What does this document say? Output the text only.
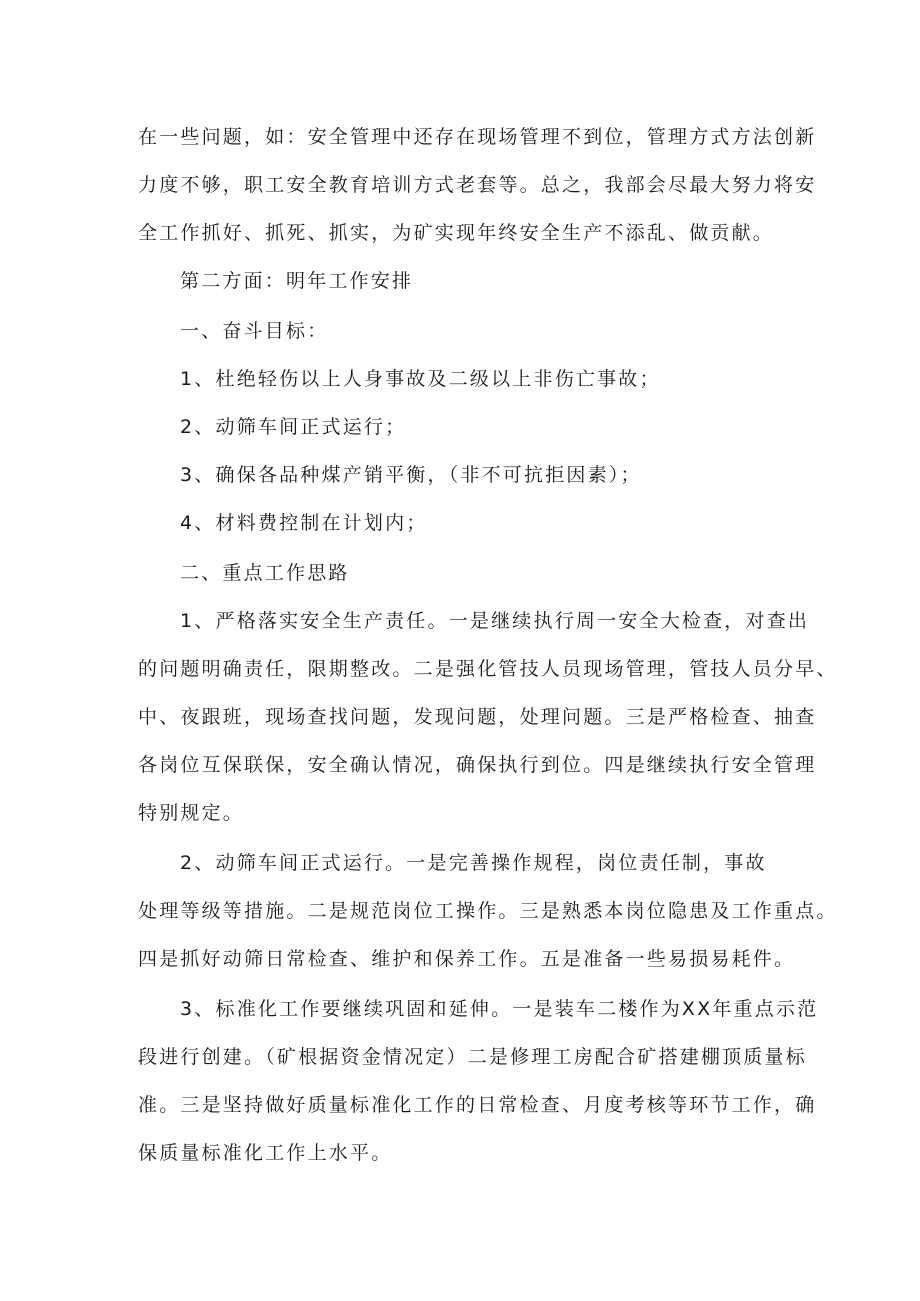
在一些问题，如：安全管理中还存在现场管理不到位，管理方式方法创新
力度不够，职工安全教育培训方式老套等。总之，我部会尽最大努力将安
全工作抓好、抓死、抓实，为矿实现年终安全生产不添乱、做贡献。
第二方面：明年工作安排
一、奋斗目标：
1、杜绝轻伤以上人身事故及二级以上非伤亡事故；
2、动筛车间正式运行；
3、确保各品种煤产销平衡，（非不可抗拒因素）；
4、材料费控制在计划内；
二、重点工作思路
1、严格落实安全生产责任。一是继续执行周一安全大检查，对查出
的问题明确责任，限期整改。二是强化管技人员现场管理，管技人员分早、
中、夜跟班，现场查找问题，发现问题，处理问题。三是严格检查、抽查
各岗位互保联保，安全确认情况，确保执行到位。四是继续执行安全管理
特别规定。
2、动筛车间正式运行。一是完善操作规程，岗位责任制，事故
处理等级等措施。二是规范岗位工操作。三是熟悉本岗位隐患及工作重点。
四是抓好动筛日常检查、维护和保养工作。五是准备一些易损易耗件。
3、标准化工作要继续巩固和延伸。一是装车二楼作为XX年重点示范
段进行创建。（矿根据资金情况定）二是修理工房配合矿搭建棚顶质量标
准。三是坚持做好质量标准化工作的日常检查、月度考核等环节工作，确
保质量标准化工作上水平。
